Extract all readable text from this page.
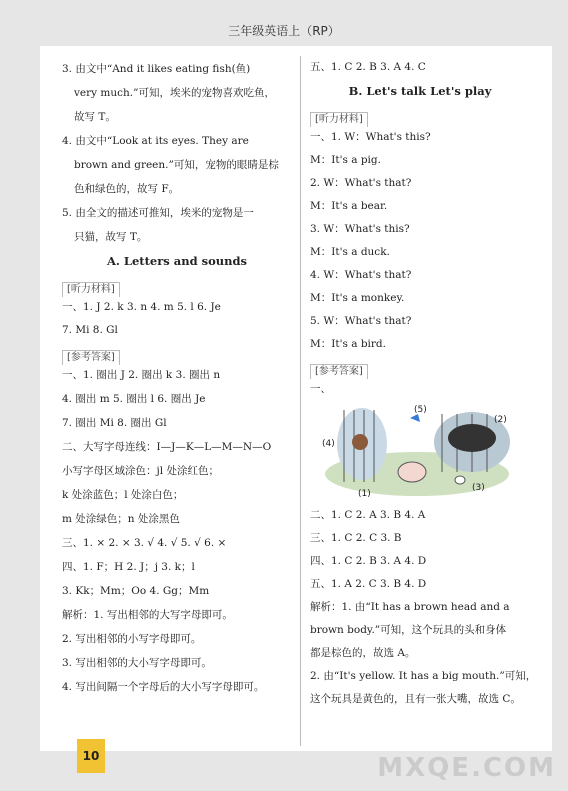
三年级英语上（RP）
3. 由文中“And it likes eating fish(鱼)
very much.”可知，埃米的宠物喜欢吃鱼，
故写 T。
4. 由文中“Look at its eyes. They are
brown and green.”可知，宠物的眼睛是棕
色和绿色的，故写 F。
5. 由全文的描述可推知，埃米的宠物是一
只猫，故写 T。
A. Letters and sounds
[听力材料]
一、1. J 2. k 3. n 4. m 5. l 6. Je
7. Mi 8. Gl
[参考答案]
一、1. 圈出 J 2. 圈出 k 3. 圈出 n
4. 圈出 m 5. 圈出 l 6. 圈出 Je
7. 圈出 Mi 8. 圈出 Gl
二、大写字母连线：I—J—K—L—M—N—O
小写字母区域涂色：jl 处涂红色；
k 处涂蓝色；l 处涂白色；
m 处涂绿色；n 处涂黑色
三、1. × 2. × 3. √ 4. √ 5. √ 6. ×
四、1. F；H 2. J；j 3. k；l
3. Kk；Mm；Oo 4. Gg；Mm
解析：1. 写出相邻的大写字母即可。
2. 写出相邻的小写字母即可。
3. 写出相邻的大小写字母即可。
4. 写出间隔一个字母后的大小写字母即可。
五、1. C 2. B 3. A 4. C
B. Let's talk Let's play
[听力材料]
一、1. W：What's this?
M：It's a pig.
2. W：What's that?
M：It's a bear.
3. W：What's this?
M：It's a duck.
4. W：What's that?
M：It's a monkey.
5. W：What's that?
M：It's a bird.
[参考答案]
一、
(5)
(2)
(4)
(1)
(3)
二、1. C 2. A 3. B 4. A
三、1. C 2. C 3. B
四、1. C 2. B 3. A 4. D
五、1. A 2. C 3. B 4. D
解析：1. 由“It has a brown head and a
brown body.”可知，这个玩具的头和身体
都是棕色的，故选 A。
2. 由“It's yellow. It has a big mouth.”可知，
这个玩具是黄色的，且有一张大嘴，故选 C。
10	MXQE.COM
